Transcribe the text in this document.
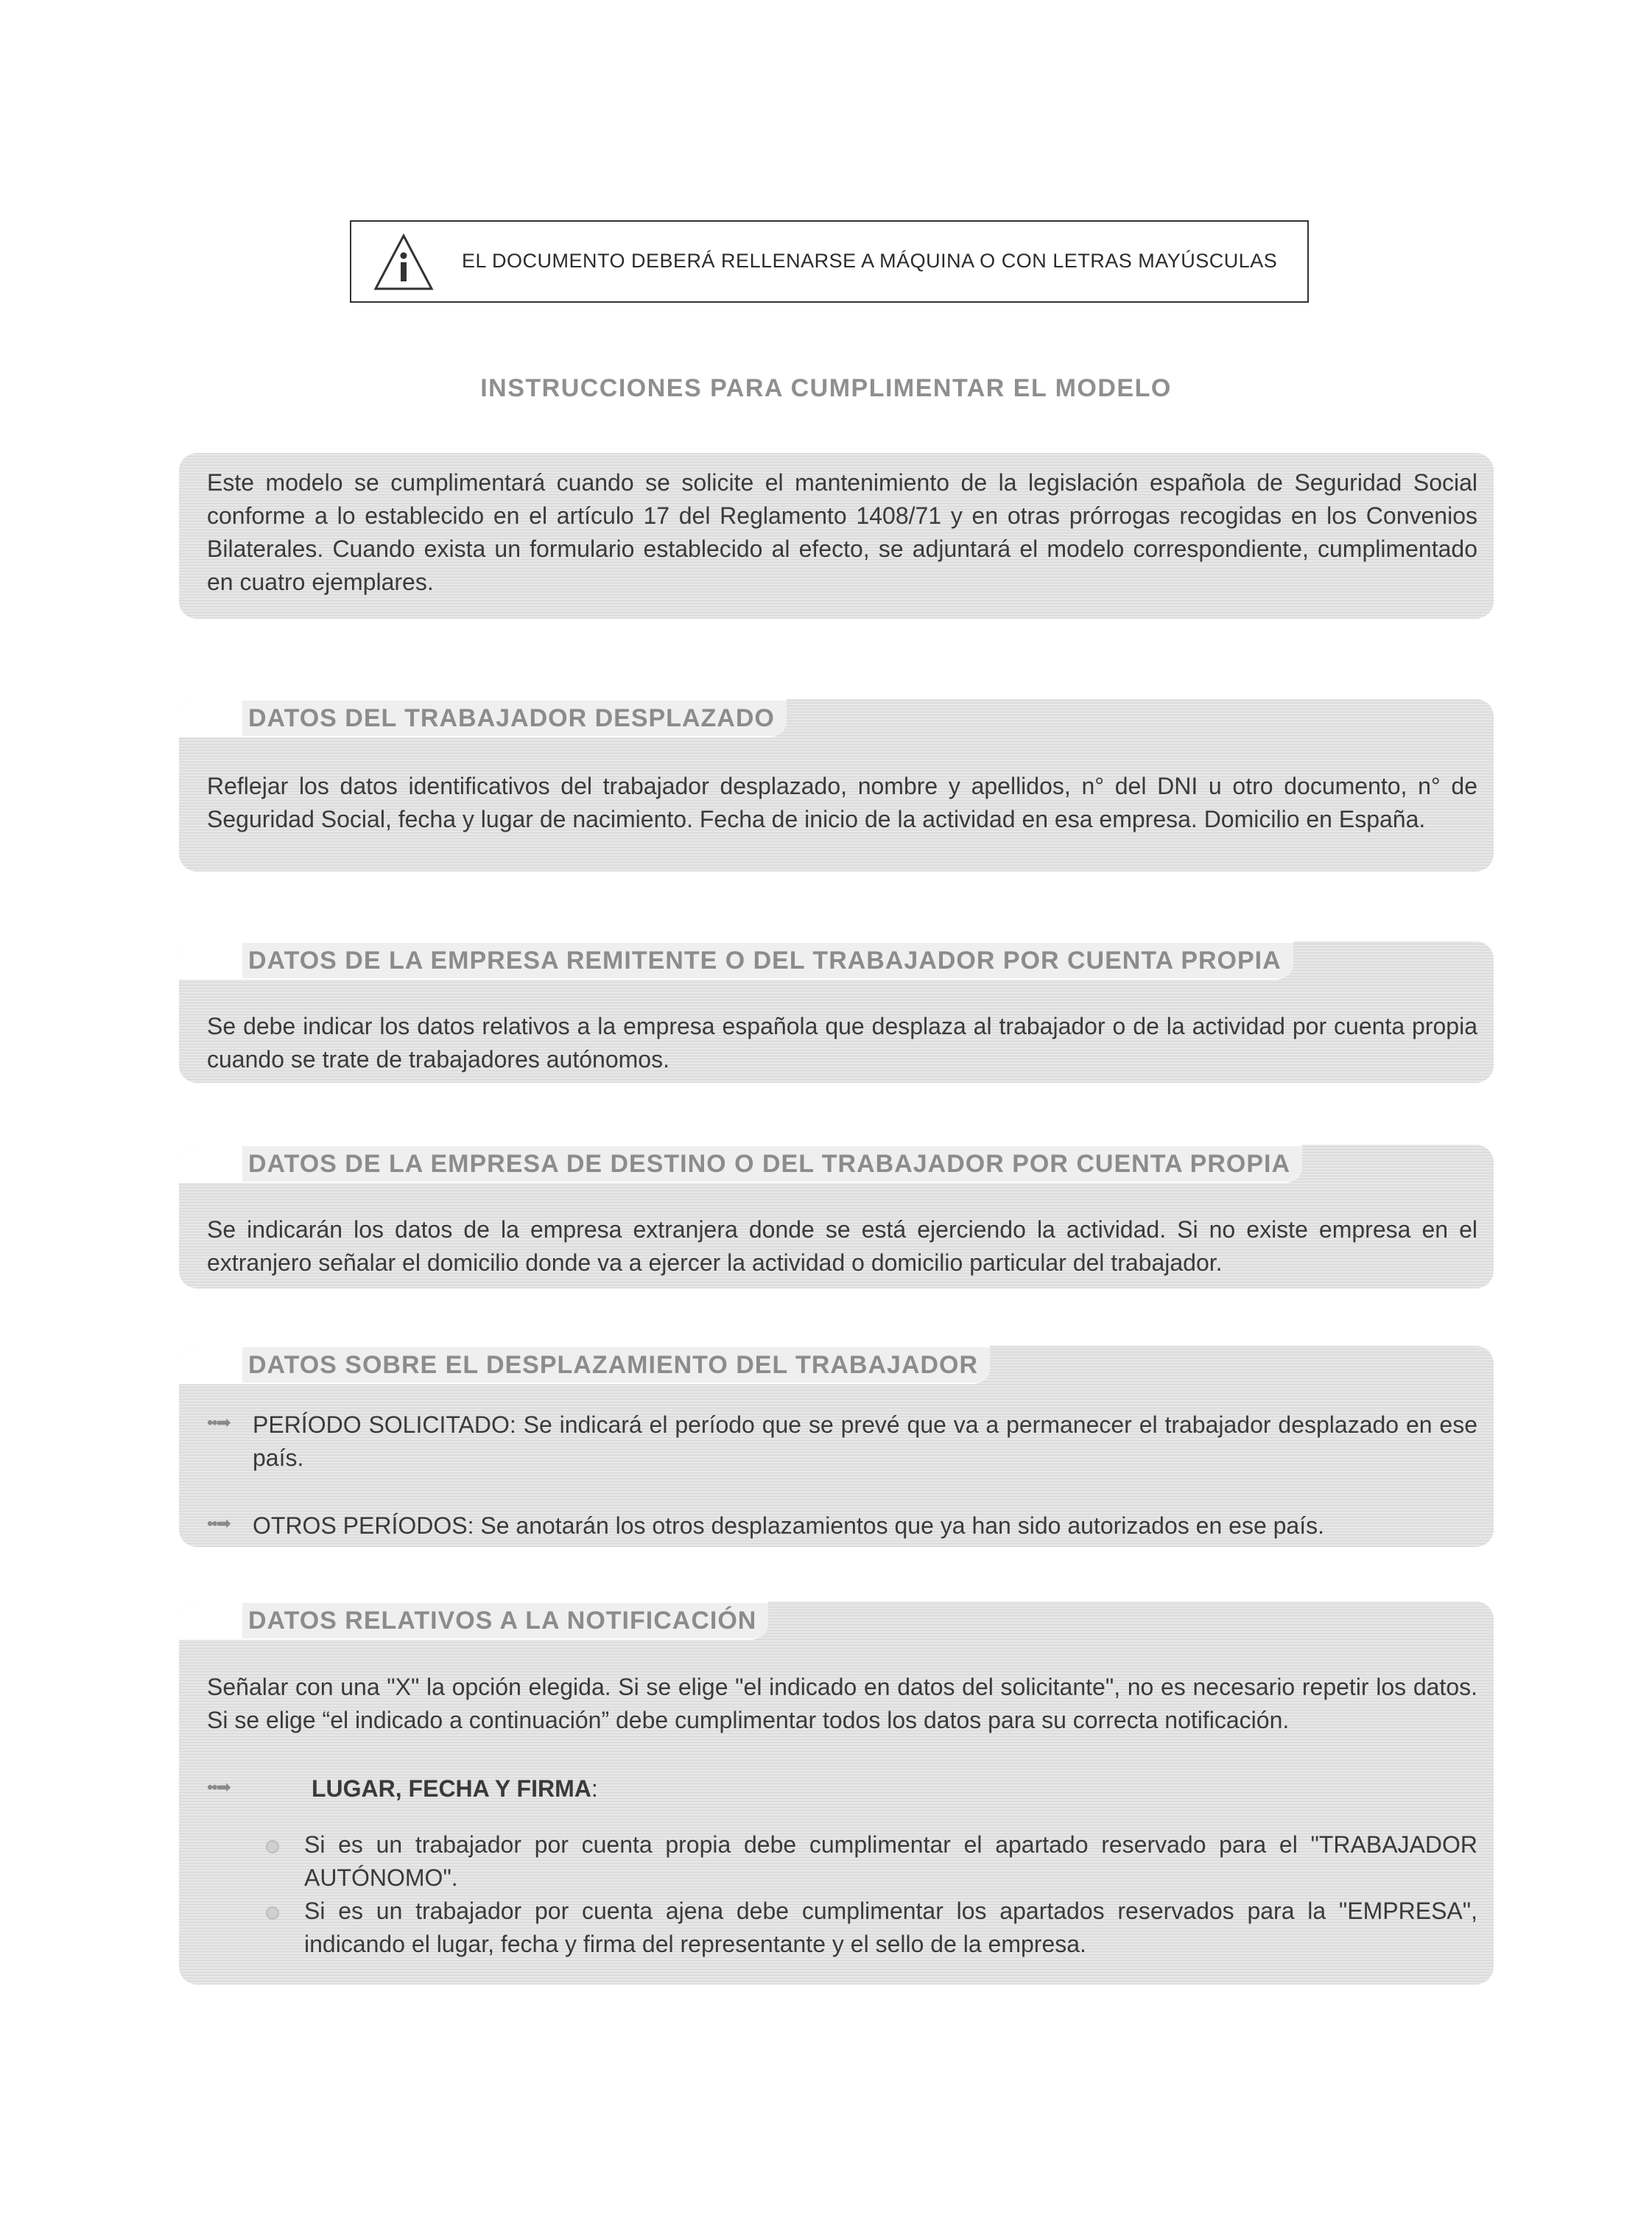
EL DOCUMENTO DEBERÁ RELLENARSE A MÁQUINA O CON LETRAS MAYÚSCULAS
INSTRUCCIONES PARA CUMPLIMENTAR EL MODELO
Este modelo se cumplimentará cuando se solicite el mantenimiento de la legislación española de Seguridad Social conforme a lo establecido en el artículo 17 del Reglamento 1408/71 y en otras prórrogas recogidas en los Convenios Bilaterales. Cuando exista un formulario establecido al efecto, se adjuntará el modelo correspondiente, cumplimentado en cuatro ejemplares.
DATOS DEL TRABAJADOR DESPLAZADO
Reflejar los datos identificativos del trabajador desplazado, nombre y apellidos, n° del DNI u otro documento, n° de Seguridad Social, fecha y lugar de nacimiento. Fecha de inicio de la actividad en esa empresa. Domicilio en España.
DATOS DE LA EMPRESA REMITENTE O DEL TRABAJADOR POR CUENTA PROPIA
Se debe indicar los datos relativos a la empresa española que desplaza al trabajador o de la actividad por cuenta propia cuando se trate de trabajadores autónomos.
DATOS DE LA EMPRESA DE DESTINO O DEL TRABAJADOR POR CUENTA PROPIA
Se indicarán los datos de la empresa extranjera donde se está ejerciendo la actividad. Si no existe empresa en el extranjero señalar el domicilio donde va a ejercer la actividad o domicilio particular del trabajador.
DATOS SOBRE EL DESPLAZAMIENTO DEL TRABAJADOR
••➡ PERÍODO SOLICITADO: Se indicará el período que se prevé que va a permanecer el trabajador desplazado en ese país.
••➡ OTROS PERÍODOS: Se anotarán los otros desplazamientos que ya han sido autorizados en ese país.
DATOS RELATIVOS A LA NOTIFICACIÓN
Señalar con una "X" la opción elegida. Si se elige "el indicado en datos del solicitante", no es necesario repetir los datos. Si se elige “el indicado a continuación” debe cumplimentar todos los datos para su correcta notificación.
••➡	LUGAR, FECHA Y FIRMA:
Si es un trabajador por cuenta propia debe cumplimentar el apartado reservado para el "TRABAJADOR AUTÓNOMO".
Si es un trabajador por cuenta ajena debe cumplimentar los apartados reservados para la "EMPRESA", indicando el lugar, fecha y firma del representante y el sello de la empresa.
